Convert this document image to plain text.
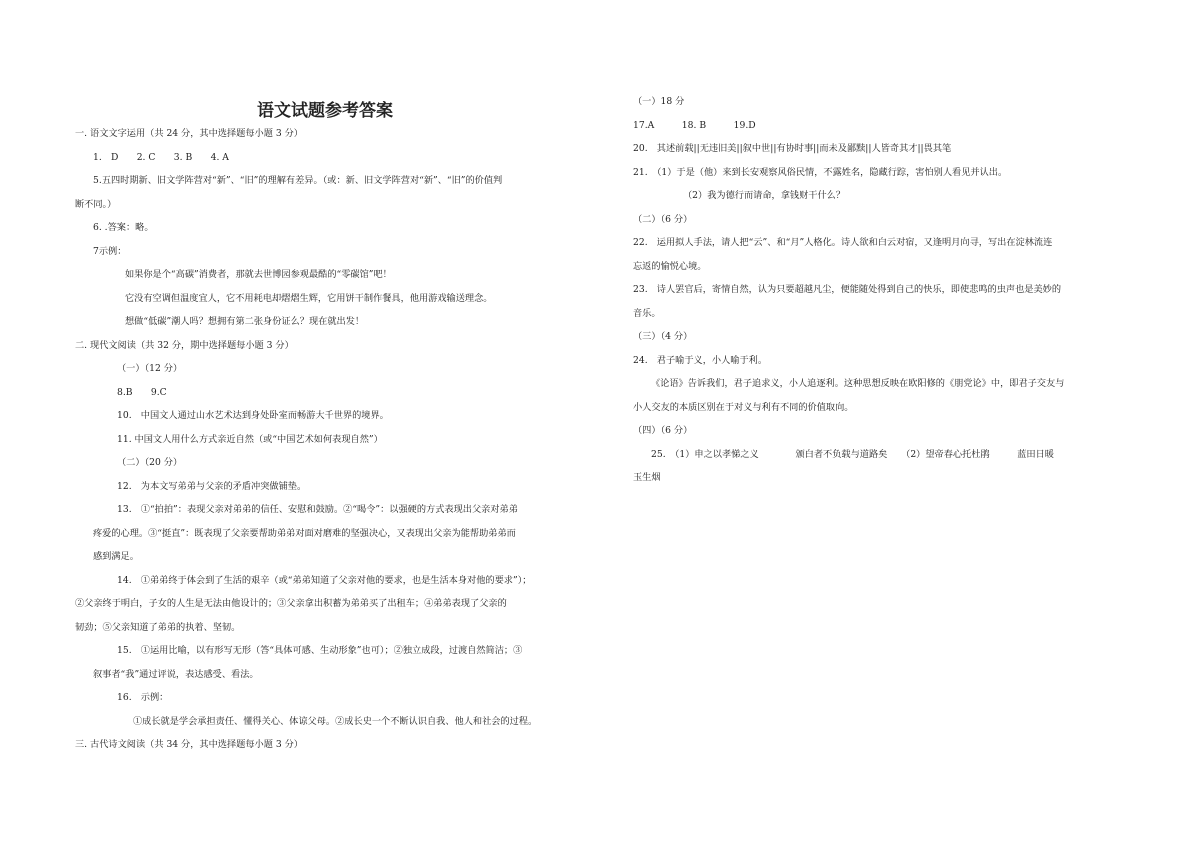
语文试题参考答案
一. 语文文字运用（共 24 分，其中选择题每小题 3 分）
1.　D　　2. C　　3. B　　4. A
5.五四时期新、旧文学阵营对“新”、“旧”的理解有差异。（或：新、旧文学阵营对“新”、“旧”的价值判
断不同。）
6. .答案：略。
7示例：
如果你是个“高碳”消费者，那就去世博园参观最酷的“零碳馆”吧！
它没有空调但温度宜人，它不用耗电却熠熠生辉，它用饼干制作餐具，他用游戏输送理念。
想做“低碳”潮人吗？想拥有第二张身份证么？现在就出发！
二. 现代文阅读（共 32 分，期中选择题每小题 3 分）
（一）（12 分）
8.B　　9.C
10.　中国文人通过山水艺术达到身处卧室而畅游大千世界的境界。
11. 中国文人用什么方式亲近自然（或“中国艺术如何表现自然”）
（二）（20 分）
12.　为本文写弟弟与父亲的矛盾冲突做铺垫。
13.　①“拍拍”：表现父亲对弟弟的信任、安慰和鼓励。②“喝令”：以强硬的方式表现出父亲对弟弟
疼爱的心理。③“挺直”：既表现了父亲要帮助弟弟对面对磨难的坚强决心，又表现出父亲为能帮助弟弟而
感到满足。
14.　①弟弟终于体会到了生活的艰辛（或“弟弟知道了父亲对他的要求，也是生活本身对他的要求”）；
②父亲终于明白，子女的人生是无法由他设计的；③父亲拿出积蓄为弟弟买了出租车；④弟弟表现了父亲的
韧劲；⑤父亲知道了弟弟的执着、坚韧。
15.　①运用比喻，以有形写无形（答“具体可感、生动形象”也可）；②独立成段，过渡自然简洁；③
叙事者“我”通过评说，表达感受、看法。
16.　示例：
①成长就是学会承担责任、懂得关心、体谅父母。②成长史一个不断认识自我、他人和社会的过程。
三. 古代诗文阅读（共 34 分，其中选择题每小题 3 分）
（一）18 分
17.A　　　18. B　　　19.D
20.　其述前载||无违旧美||叙中世||有协时事||而未及鄙黩||人皆奇其才||畏其笔
21.　（1）于是（他）来到长安观察风俗民情，不露姓名，隐藏行踪，害怕别人看见并认出。
（2）我为德行而请命，拿钱财干什么？
（二）（6 分）
22.　运用拟人手法，请人把“云”、和“月”人格化。诗人欲和白云对宿，又逢明月向寻，写出在淀林流连
忘返的愉悦心境。
23.　诗人罢官后，寄情自然，认为只要超越凡尘，便能随处得到自己的快乐，即使悲鸣的虫声也是美妙的
音乐。
（三）（4 分）
24.　君子喻于义，小人喻于利。
《论语》告诉我们，君子追求义，小人追逐利。这种思想反映在欧阳修的《朋党论》中，即君子交友与
小人交友的本质区别在于对义与利有不同的价值取向。
（四）（6 分）
25.　（1）申之以孝悌之义　　　　颁白者不负载与道路矣　　（2）望帝春心托杜鹃　　　蓝田日暖
玉生烟
